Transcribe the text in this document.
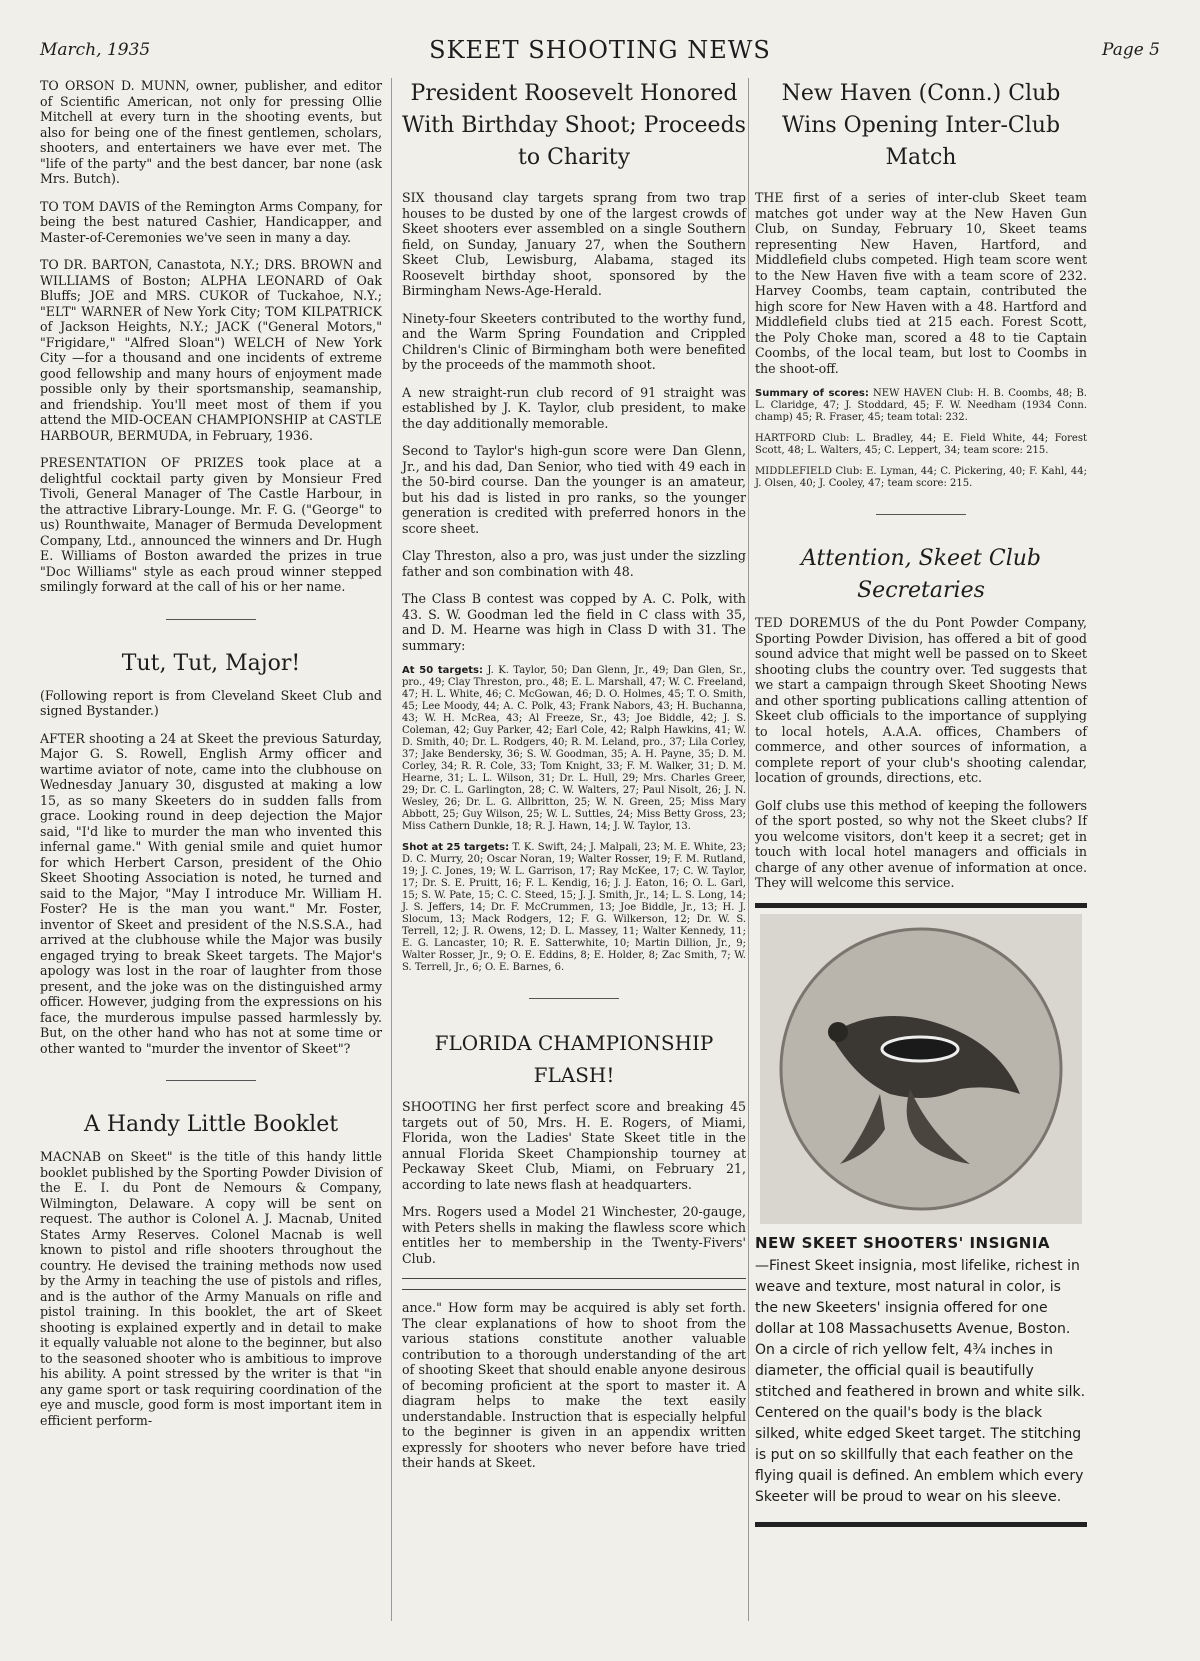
March, 1935	SKEET SHOOTING NEWS	Page 5

TO ORSON D. MUNN, owner, publisher, and editor of Scientific American, not only for pressing Ollie Mitchell at every turn in the shooting events, but also for being one of the finest gentlemen, scholars, shooters, and entertainers we have ever met. The "life of the party" and the best dancer, bar none (ask Mrs. Butch).

TO TOM DAVIS of the Remington Arms Company, for being the best natured Cashier, Handicapper, and Master-of-Ceremonies we've seen in many a day.

TO DR. BARTON, Canastota, N.Y.; DRS. BROWN and WILLIAMS of Boston; ALPHA LEONARD of Oak Bluffs; JOE and MRS. CUKOR of Tuckahoe, N.Y.; "ELT" WARNER of New York City; TOM KILPATRICK of Jackson Heights, N.Y.; JACK ("General Motors," "Frigidare," "Alfred Sloan") WELCH of New York City —for a thousand and one incidents of extreme good fellowship and many hours of enjoyment made possible only by their sportsmanship, seamanship, and friendship. You'll meet most of them if you attend the MID-OCEAN CHAMPIONSHIP at CASTLE HARBOUR, BERMUDA, in February, 1936.

PRESENTATION OF PRIZES took place at a delightful cocktail party given by Monsieur Fred Tivoli, General Manager of The Castle Harbour, in the attractive Library-Lounge. Mr. F. G. ("George" to us) Rounthwaite, Manager of Bermuda Development Company, Ltd., announced the winners and Dr. Hugh E. Williams of Boston awarded the prizes in true "Doc Williams" style as each proud winner stepped smilingly forward at the call of his or her name.

Tut, Tut, Major!

(Following report is from Cleveland Skeet Club and signed Bystander.)

AFTER shooting a 24 at Skeet the previous Saturday, Major G. S. Rowell, English Army officer and wartime aviator of note, came into the clubhouse on Wednesday January 30, disgusted at making a low 15, as so many Skeeters do in sudden falls from grace. Looking round in deep dejection the Major said, "I'd like to murder the man who invented this infernal game." With genial smile and quiet humor for which Herbert Carson, president of the Ohio Skeet Shooting Association is noted, he turned and said to the Major, "May I introduce Mr. William H. Foster? He is the man you want." Mr. Foster, inventor of Skeet and president of the N.S.S.A., had arrived at the clubhouse while the Major was busily engaged trying to break Skeet targets. The Major's apology was lost in the roar of laughter from those present, and the joke was on the distinguished army officer. However, judging from the expressions on his face, the murderous impulse passed harmlessly by. But, on the other hand who has not at some time or other wanted to "murder the inventor of Skeet"?

A Handy Little Booklet

MACNAB on Skeet" is the title of this handy little booklet published by the Sporting Powder Division of the E. I. du Pont de Nemours & Company, Wilmington, Delaware. A copy will be sent on request. The author is Colonel A. J. Macnab, United States Army Reserves. Colonel Macnab is well known to pistol and rifle shooters throughout the country. He devised the training methods now used by the Army in teaching the use of pistols and rifles, and is the author of the Army Manuals on rifle and pistol training. In this booklet, the art of Skeet shooting is explained expertly and in detail to make it equally valuable not alone to the beginner, but also to the seasoned shooter who is ambitious to improve his ability. A point stressed by the writer is that "in any game sport or task requiring coordination of the eye and muscle, good form is most important item in efficient perform-

President Roosevelt Honored With Birthday Shoot; Proceeds to Charity

SIX thousand clay targets sprang from two trap houses to be dusted by one of the largest crowds of Skeet shooters ever assembled on a single Southern field, on Sunday, January 27, when the Southern Skeet Club, Lewisburg, Alabama, staged its Roosevelt birthday shoot, sponsored by the Birmingham News-Age-Herald.

Ninety-four Skeeters contributed to the worthy fund, and the Warm Spring Foundation and Crippled Children's Clinic of Birmingham both were benefited by the proceeds of the mammoth shoot.

A new straight-run club record of 91 straight was established by J. K. Taylor, club president, to make the day additionally memorable.

Second to Taylor's high-gun score were Dan Glenn, Jr., and his dad, Dan Senior, who tied with 49 each in the 50-bird course. Dan the younger is an amateur, but his dad is listed in pro ranks, so the younger generation is credited with preferred honors in the score sheet.

Clay Threston, also a pro, was just under the sizzling father and son combination with 48.

The Class B contest was copped by A. C. Polk, with 43. S. W. Goodman led the field in C class with 35, and D. M. Hearne was high in Class D with 31. The summary:

At 50 targets: J. K. Taylor, 50; Dan Glenn, Jr., 49; Dan Glen, Sr., pro., 49; Clay Threston, pro., 48; E. L. Marshall, 47; W. C. Freeland, 47; H. L. White, 46; C. McGowan, 46; D. O. Holmes, 45; T. O. Smith, 45; Lee Moody, 44; A. C. Polk, 43; Frank Nabors, 43; H. Buchanna, 43; W. H. McRea, 43; Al Freeze, Sr., 43; Joe Biddle, 42; J. S. Coleman, 42; Guy Parker, 42; Earl Cole, 42; Ralph Hawkins, 41; W. D. Smith, 40; Dr. L. Rodgers, 40; R. M. Leland, pro., 37; Lila Corley, 37; Jake Bendersky, 36; S. W. Goodman, 35; A. H. Payne, 35; D. M. Corley, 34; R. R. Cole, 33; Tom Knight, 33; F. M. Walker, 31; D. M. Hearne, 31; L. L. Wilson, 31; Dr. L. Hull, 29; Mrs. Charles Greer, 29; Dr. C. L. Garlington, 28; C. W. Walters, 27; Paul Nisolt, 26; J. N. Wesley, 26; Dr. L. G. Allbritton, 25; W. N. Green, 25; Miss Mary Abbott, 25; Guy Wilson, 25; W. L. Suttles, 24; Miss Betty Gross, 23; Miss Cathern Dunkle, 18; R. J. Hawn, 14; J. W. Taylor, 13.

Shot at 25 targets: T. K. Swift, 24; J. Malpali, 23; M. E. White, 23; D. C. Murry, 20; Oscar Noran, 19; Walter Rosser, 19; F. M. Rutland, 19; J. C. Jones, 19; W. L. Garrison, 17; Ray McKee, 17; C. W. Taylor, 17; Dr. S. E. Pruitt, 16; F. L. Kendig, 16; J. J. Eaton, 16; O. L. Garl, 15; S. W. Pate, 15; C. C. Steed, 15; J. J. Smith, Jr., 14; L. S. Long, 14; J. S. Jeffers, 14; Dr. F. McCrummen, 13; Joe Biddle, Jr., 13; H. J. Slocum, 13; Mack Rodgers, 12; F. G. Wilkerson, 12; Dr. W. S. Terrell, 12; J. R. Owens, 12; D. L. Massey, 11; Walter Kennedy, 11; E. G. Lancaster, 10; R. E. Satterwhite, 10; Martin Dillion, Jr., 9; Walter Rosser, Jr., 9; O. E. Eddins, 8; E. Holder, 8; Zac Smith, 7; W. S. Terrell, Jr., 6; O. E. Barnes, 6.

FLORIDA CHAMPIONSHIP FLASH!

SHOOTING her first perfect score and breaking 45 targets out of 50, Mrs. H. E. Rogers, of Miami, Florida, won the Ladies' State Skeet title in the annual Florida Skeet Championship tourney at Peckaway Skeet Club, Miami, on February 21, according to late news flash at headquarters.

Mrs. Rogers used a Model 21 Winchester, 20-gauge, with Peters shells in making the flawless score which entitles her to membership in the Twenty-Fivers' Club.

ance." How form may be acquired is ably set forth. The clear explanations of how to shoot from the various stations constitute another valuable contribution to a thorough understanding of the art of shooting Skeet that should enable anyone desirous of becoming proficient at the sport to master it. A diagram helps to make the text easily understandable. Instruction that is especially helpful to the beginner is given in an appendix written expressly for shooters who never before have tried their hands at Skeet.

New Haven (Conn.) Club Wins Opening Inter-Club Match

THE first of a series of inter-club Skeet team matches got under way at the New Haven Gun Club, on Sunday, February 10, Skeet teams representing New Haven, Hartford, and Middlefield clubs competed. High team score went to the New Haven five with a team score of 232. Harvey Coombs, team captain, contributed the high score for New Haven with a 48. Hartford and Middlefield clubs tied at 215 each. Forest Scott, the Poly Choke man, scored a 48 to tie Captain Coombs, of the local team, but lost to Coombs in the shoot-off.

Summary of scores: NEW HAVEN Club: H. B. Coombs, 48; B. L. Claridge, 47; J. Stoddard, 45; F. W. Needham (1934 Conn. champ) 45; R. Fraser, 45; team total: 232.

HARTFORD Club: L. Bradley, 44; E. Field White, 44; Forest Scott, 48; L. Walters, 45; C. Leppert, 34; team score: 215.

MIDDLEFIELD Club: E. Lyman, 44; C. Pickering, 40; F. Kahl, 44; J. Olsen, 40; J. Cooley, 47; team score: 215.

Attention, Skeet Club Secretaries

TED DOREMUS of the du Pont Powder Company, Sporting Powder Division, has offered a bit of good sound advice that might well be passed on to Skeet shooting clubs the country over. Ted suggests that we start a campaign through Skeet Shooting News and other sporting publications calling attention of Skeet club officials to the importance of supplying to local hotels, A.A.A. offices, Chambers of commerce, and other sources of information, a complete report of your club's shooting calendar, location of grounds, directions, etc.

Golf clubs use this method of keeping the followers of the sport posted, so why not the Skeet clubs? If you welcome visitors, don't keep it a secret; get in touch with local hotel managers and officials in charge of any other avenue of information at once. They will welcome this service.

NEW SKEET SHOOTERS' INSIGNIA
—Finest Skeet insignia, most lifelike, richest in weave and texture, most natural in color, is the new Skeeters' insignia offered for one dollar at 108 Massachusetts Avenue, Boston. On a circle of rich yellow felt, 4¾ inches in diameter, the official quail is beautifully stitched and feathered in brown and white silk. Centered on the quail's body is the black silked, white edged Skeet target. The stitching is put on so skillfully that each feather on the flying quail is defined. An emblem which every Skeeter will be proud to wear on his sleeve.
